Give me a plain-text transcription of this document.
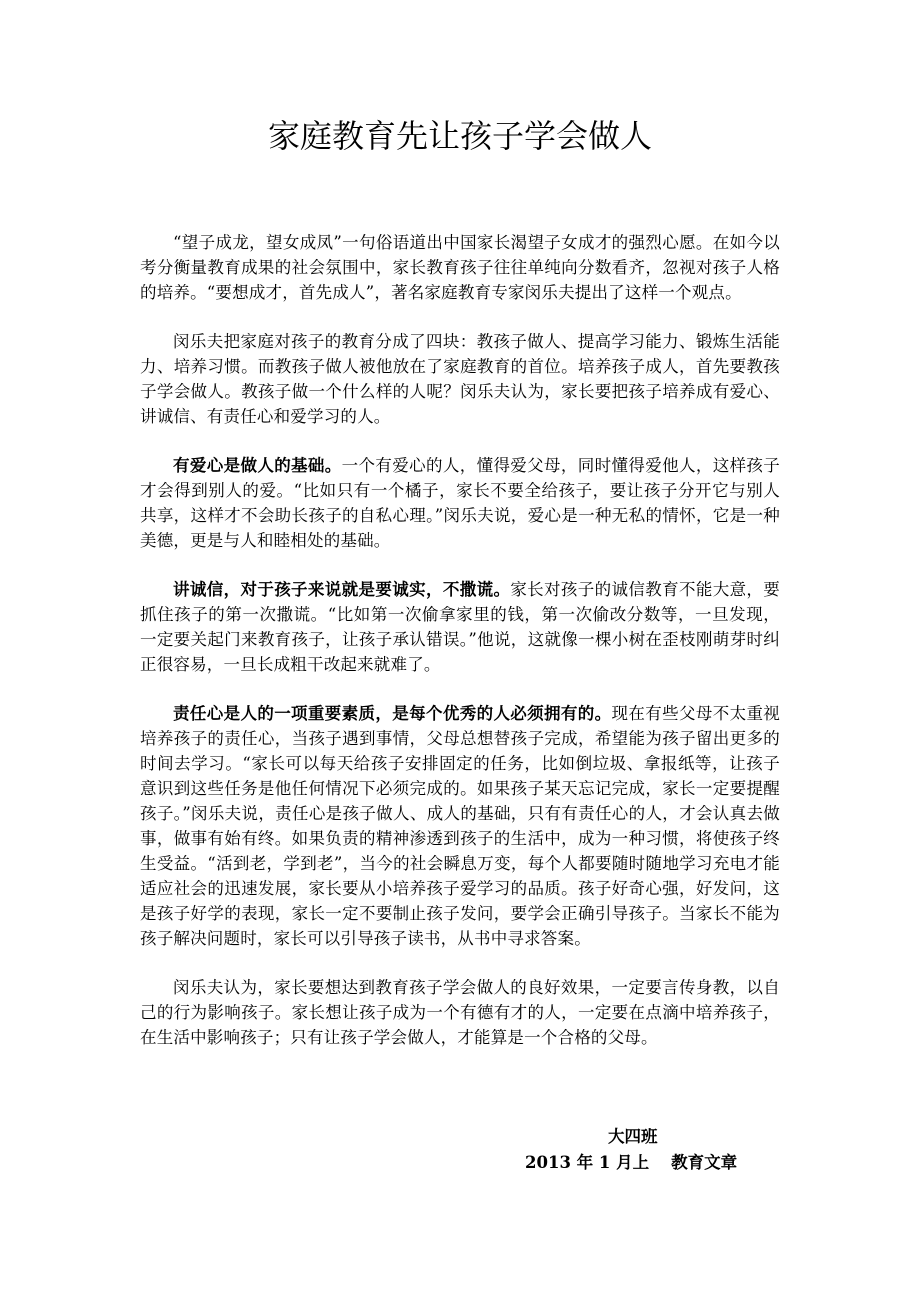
家庭教育先让孩子学会做人

“望子成龙，望女成凤”一句俗语道出中国家长渴望子女成才的强烈心愿。在如今以考分衡量教育成果的社会氛围中，家长教育孩子往往单纯向分数看齐，忽视对孩子人格的培养。“要想成才，首先成人”，著名家庭教育专家闵乐夫提出了这样一个观点。

闵乐夫把家庭对孩子的教育分成了四块：教孩子做人、提高学习能力、锻炼生活能力、培养习惯。而教孩子做人被他放在了家庭教育的首位。培养孩子成人，首先要教孩子学会做人。教孩子做一个什么样的人呢？闵乐夫认为，家长要把孩子培养成有爱心、讲诚信、有责任心和爱学习的人。

有爱心是做人的基础。一个有爱心的人，懂得爱父母，同时懂得爱他人，这样孩子才会得到别人的爱。“比如只有一个橘子，家长不要全给孩子，要让孩子分开它与别人共享，这样才不会助长孩子的自私心理。”闵乐夫说，爱心是一种无私的情怀，它是一种美德，更是与人和睦相处的基础。

讲诚信，对于孩子来说就是要诚实，不撒谎。家长对孩子的诚信教育不能大意，要抓住孩子的第一次撒谎。“比如第一次偷拿家里的钱，第一次偷改分数等，一旦发现，一定要关起门来教育孩子，让孩子承认错误。”他说，这就像一棵小树在歪枝刚萌芽时纠正很容易，一旦长成粗干改起来就难了。

责任心是人的一项重要素质，是每个优秀的人必须拥有的。现在有些父母不太重视培养孩子的责任心，当孩子遇到事情，父母总想替孩子完成，希望能为孩子留出更多的时间去学习。“家长可以每天给孩子安排固定的任务，比如倒垃圾、拿报纸等，让孩子意识到这些任务是他任何情况下必须完成的。如果孩子某天忘记完成，家长一定要提醒孩子。”闵乐夫说，责任心是孩子做人、成人的基础，只有有责任心的人，才会认真去做事，做事有始有终。如果负责的精神渗透到孩子的生活中，成为一种习惯，将使孩子终生受益。“活到老，学到老”，当今的社会瞬息万变，每个人都要随时随地学习充电才能适应社会的迅速发展，家长要从小培养孩子爱学习的品质。孩子好奇心强，好发问，这是孩子好学的表现，家长一定不要制止孩子发问，要学会正确引导孩子。当家长不能为孩子解决问题时，家长可以引导孩子读书，从书中寻求答案。

闵乐夫认为，家长要想达到教育孩子学会做人的良好效果，一定要言传身教，以自己的行为影响孩子。家长想让孩子成为一个有德有才的人，一定要在点滴中培养孩子，在生活中影响孩子；只有让孩子学会做人，才能算是一个合格的父母。

大四班
2013 年 1 月上 教育文章
